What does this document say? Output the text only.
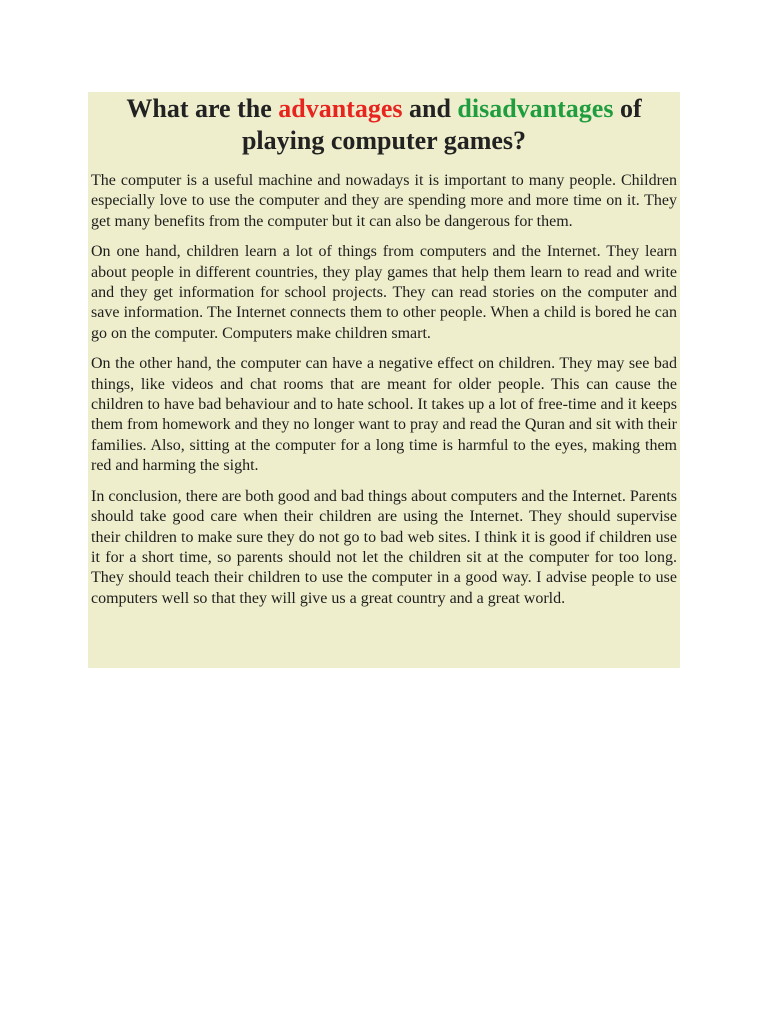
What are the advantages and disadvantages of playing computer games?

The computer is a useful machine and nowadays it is important to many people. Children especially love to use the computer and they are spending more and more time on it. They get many benefits from the computer but it can also be dangerous for them.

On one hand, children learn a lot of things from computers and the Internet. They learn about people in different countries, they play games that help them learn to read and write and they get information for school projects. They can read stories on the computer and save information. The Internet connects them to other people. When a child is bored he can go on the computer. Computers make children smart.

On the other hand, the computer can have a negative effect on children. They may see bad things, like videos and chat rooms that are meant for older people. This can cause the children to have bad behaviour and to hate school. It takes up a lot of free-time and it keeps them from homework and they no longer want to pray and read the Quran and sit with their families. Also, sitting at the computer for a long time is harmful to the eyes, making them red and harming the sight.

In conclusion, there are both good and bad things about computers and the Internet. Parents should take good care when their children are using the Internet. They should supervise their children to make sure they do not go to bad web sites. I think it is good if children use it for a short time, so parents should not let the children sit at the computer for too long. They should teach their children to use the computer in a good way. I advise people to use computers well so that they will give us a great country and a great world.
